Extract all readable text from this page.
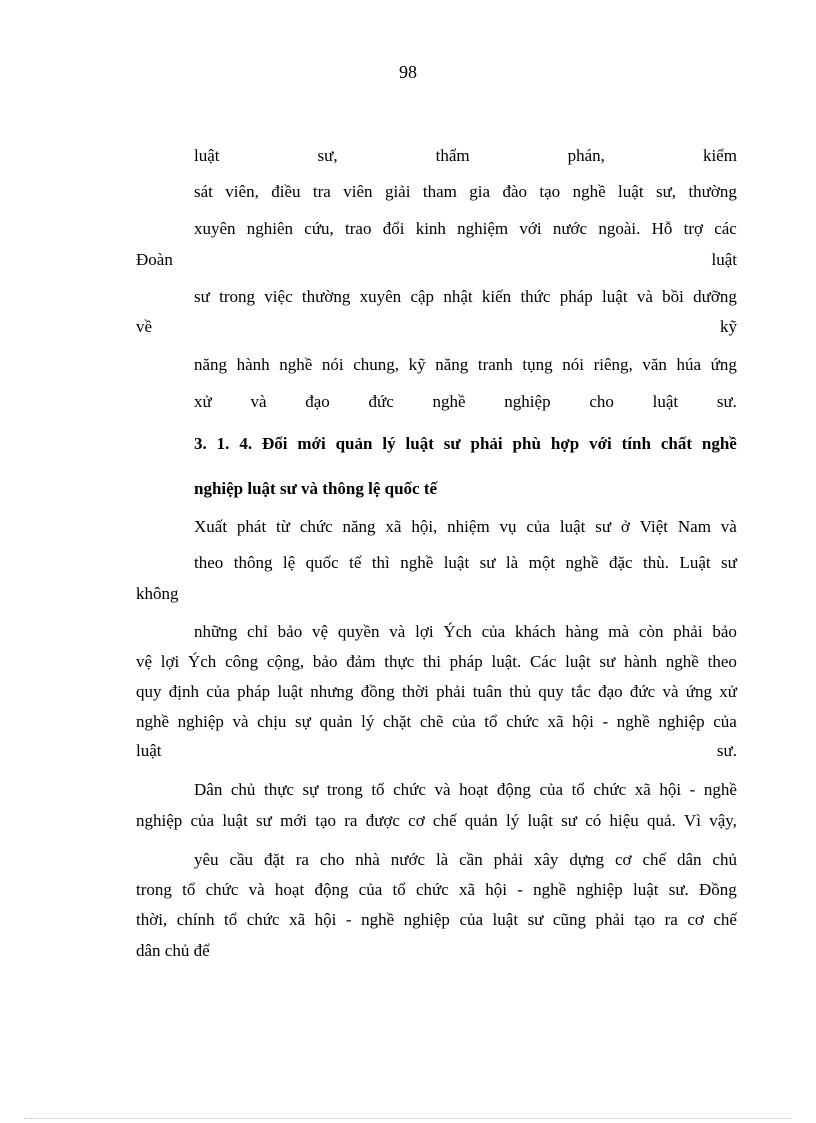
98
luật	sư,	thẩm	phán,	kiểm
sát viên, điều tra viên giải tham gia đào tạo nghề luật sư, thường
xuyên nghiên cứu, trao đổi kinh nghiệm với nước ngoài. Hỗ trợ các
Đoàn	luật
sư trong việc thường xuyên cập nhật kiến thức pháp luật và bồi dưỡng
về	kỹ
năng hành nghề nói chung, kỹ năng tranh tụng nói riêng, văn húa ứng
xử và đạo đức nghề nghiệp cho luật sư.
3. 1. 4. Đổi mới quản lý luật sư phải phù hợp với tính chất nghề
nghiệp luật sư và thông lệ quốc tế
Xuất phát từ chức năng xã hội, nhiệm vụ của luật sư ở Việt Nam và
theo thông lệ quốc tế thì nghề luật sư là một nghề đặc thù. Luật sư
không
những chỉ bảo vệ quyền và lợi Ých của khách hàng mà còn phải bảo
vệ lợi Ých công cộng, bảo đảm thực thi pháp luật. Các luật sư hành nghề theo
quy định của pháp luật nhưng đồng thời phải tuân thủ quy tắc đạo đức và ứng xử
nghề nghiệp và chịu sự quản lý chặt chẽ của tổ chức xã hội - nghề nghiệp của
luật	sư.
Dân chủ thực sự trong tổ chức và hoạt động của tổ chức xã hội - nghề
nghiệp của luật sư mới tạo ra được cơ chế quản lý luật sư có hiệu quả. Vì vậy,
yêu cầu đặt ra cho nhà nước là cần phải xây dựng cơ chế dân chủ
trong tổ chức và hoạt động của tổ chức xã hội - nghề nghiệp luật sư. Đồng
thời, chính tổ chức xã hội - nghề nghiệp của luật sư cũng phải tạo ra cơ chế
dân chủ để
